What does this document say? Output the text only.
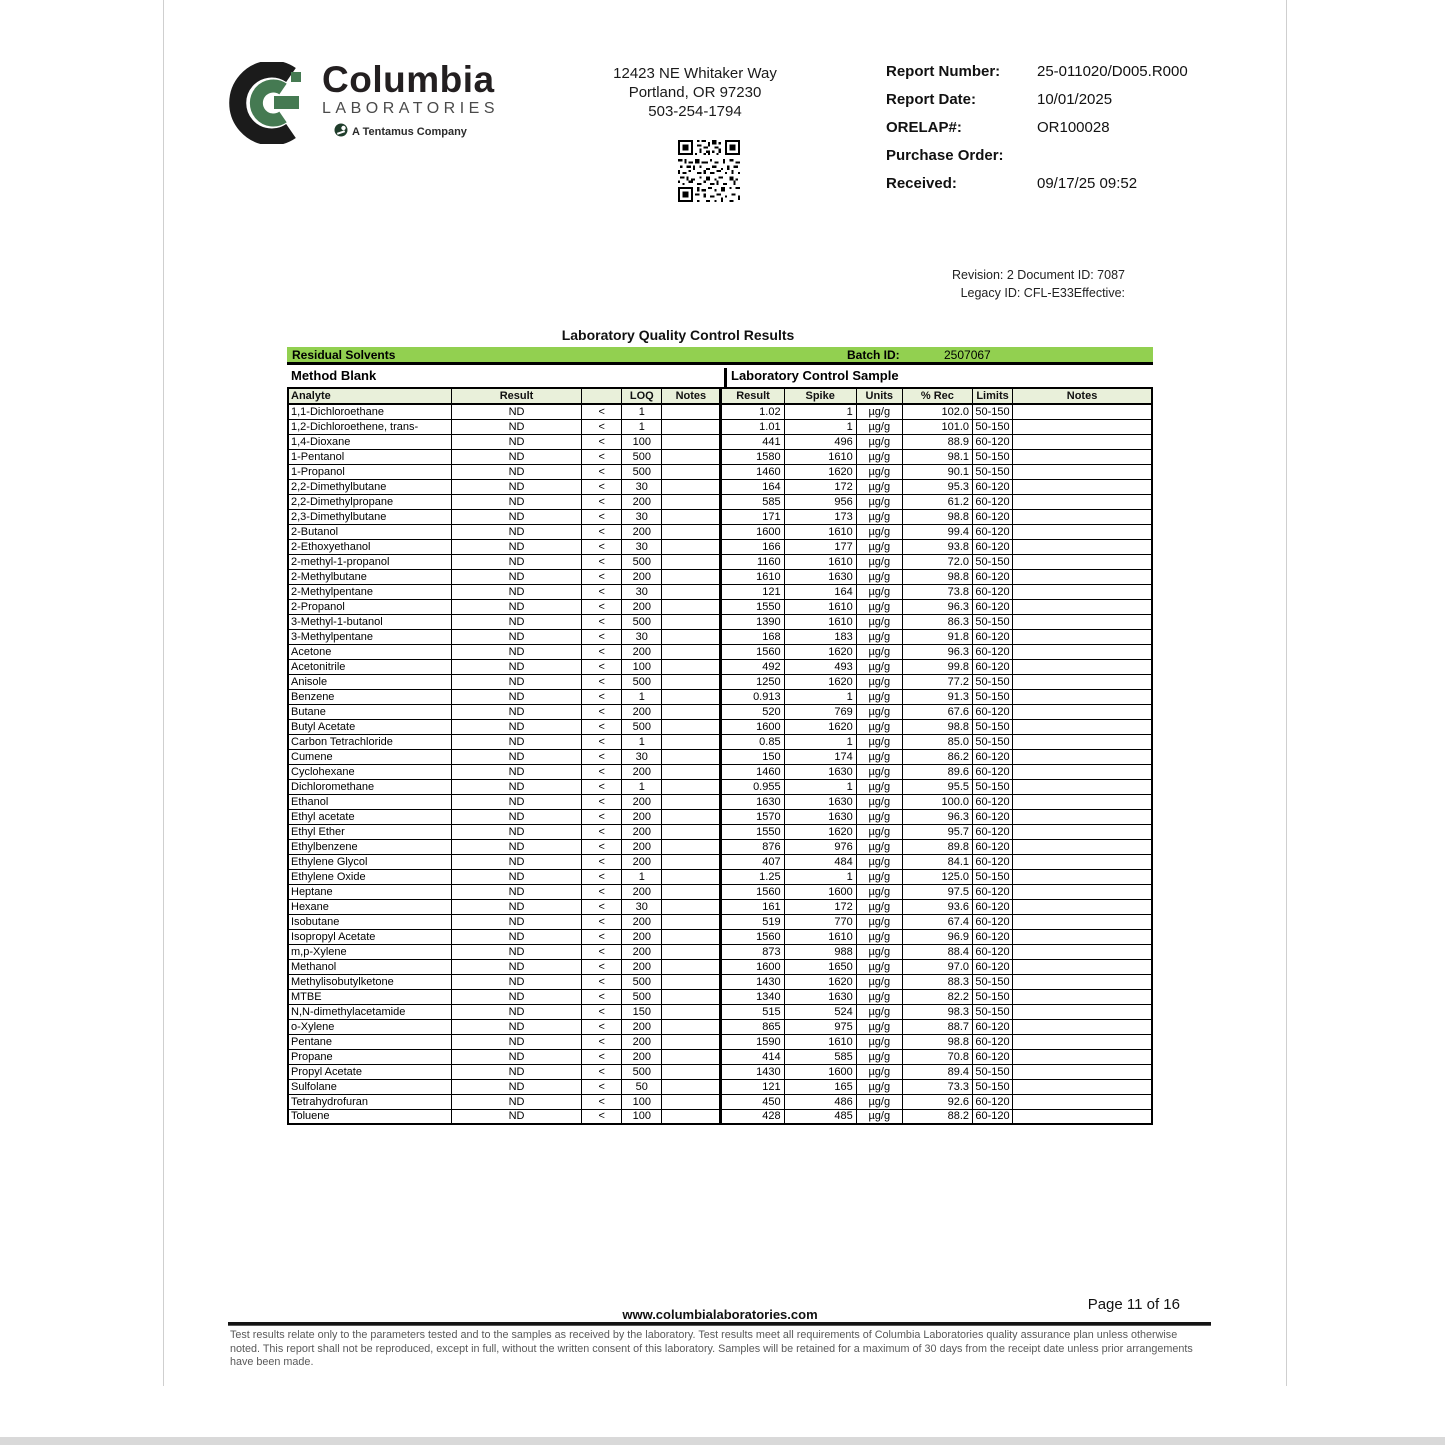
Columbia
LABORATORIES
A Tentamus Company
12423 NE Whitaker Way
Portland, OR 97230
503-254-1794
Report Number: 25-011020/D005.R000
Report Date:	10/01/2025
ORELAP#:	OR100028
Purchase Order:
Received:	09/17/25 09:52
Revision: 2 Document ID: 7087
Legacy ID: CFL-E33Effective:
Laboratory Quality Control Results
Residual Solvents	Batch ID:	2507067
Method Blank	Laboratory Control Sample
Analyte	Result		LOQ	Notes	Result	Spike	Units	% Rec	Limits	Notes
1,1-Dichloroethane	ND	<	1		1.02	1	µg/g	102.0	50-150	
1,2-Dichloroethene, trans-	ND	<	1		1.01	1	µg/g	101.0	50-150	
1,4-Dioxane	ND	<	100		441	496	µg/g	88.9	60-120	
1-Pentanol	ND	<	500		1580	1610	µg/g	98.1	50-150	
1-Propanol	ND	<	500		1460	1620	µg/g	90.1	50-150	
2,2-Dimethylbutane	ND	<	30		164	172	µg/g	95.3	60-120	
2,2-Dimethylpropane	ND	<	200		585	956	µg/g	61.2	60-120	
2,3-Dimethylbutane	ND	<	30		171	173	µg/g	98.8	60-120	
2-Butanol	ND	<	200		1600	1610	µg/g	99.4	60-120	
2-Ethoxyethanol	ND	<	30		166	177	µg/g	93.8	60-120	
2-methyl-1-propanol	ND	<	500		1160	1610	µg/g	72.0	50-150	
2-Methylbutane	ND	<	200		1610	1630	µg/g	98.8	60-120	
2-Methylpentane	ND	<	30		121	164	µg/g	73.8	60-120	
2-Propanol	ND	<	200		1550	1610	µg/g	96.3	60-120	
3-Methyl-1-butanol	ND	<	500		1390	1610	µg/g	86.3	50-150	
3-Methylpentane	ND	<	30		168	183	µg/g	91.8	60-120	
Acetone	ND	<	200		1560	1620	µg/g	96.3	60-120	
Acetonitrile	ND	<	100		492	493	µg/g	99.8	60-120	
Anisole	ND	<	500		1250	1620	µg/g	77.2	50-150	
Benzene	ND	<	1		0.913	1	µg/g	91.3	50-150	
Butane	ND	<	200		520	769	µg/g	67.6	60-120	
Butyl Acetate	ND	<	500		1600	1620	µg/g	98.8	50-150	
Carbon Tetrachloride	ND	<	1		0.85	1	µg/g	85.0	50-150	
Cumene	ND	<	30		150	174	µg/g	86.2	60-120	
Cyclohexane	ND	<	200		1460	1630	µg/g	89.6	60-120	
Dichloromethane	ND	<	1		0.955	1	µg/g	95.5	50-150	
Ethanol	ND	<	200		1630	1630	µg/g	100.0	60-120	
Ethyl acetate	ND	<	200		1570	1630	µg/g	96.3	60-120	
Ethyl Ether	ND	<	200		1550	1620	µg/g	95.7	60-120	
Ethylbenzene	ND	<	200		876	976	µg/g	89.8	60-120	
Ethylene Glycol	ND	<	200		407	484	µg/g	84.1	60-120	
Ethylene Oxide	ND	<	1		1.25	1	µg/g	125.0	50-150	
Heptane	ND	<	200		1560	1600	µg/g	97.5	60-120	
Hexane	ND	<	30		161	172	µg/g	93.6	60-120	
Isobutane	ND	<	200		519	770	µg/g	67.4	60-120	
Isopropyl Acetate	ND	<	200		1560	1610	µg/g	96.9	60-120	
m,p-Xylene	ND	<	200		873	988	µg/g	88.4	60-120	
Methanol	ND	<	200		1600	1650	µg/g	97.0	60-120	
Methylisobutylketone	ND	<	500		1430	1620	µg/g	88.3	50-150	
MTBE	ND	<	500		1340	1630	µg/g	82.2	50-150	
N,N-dimethylacetamide	ND	<	150		515	524	µg/g	98.3	50-150	
o-Xylene	ND	<	200		865	975	µg/g	88.7	60-120	
Pentane	ND	<	200		1590	1610	µg/g	98.8	60-120	
Propane	ND	<	200		414	585	µg/g	70.8	60-120	
Propyl Acetate	ND	<	500		1430	1600	µg/g	89.4	50-150	
Sulfolane	ND	<	50		121	165	µg/g	73.3	50-150	
Tetrahydrofuran	ND	<	100		450	486	µg/g	92.6	60-120	
Toluene	ND	<	100		428	485	µg/g	88.2	60-120	
Page 11 of 16
www.columbialaboratories.com
Test results relate only to the parameters tested and to the samples as received by the laboratory. Test results meet all requirements of Columbia Laboratories quality assurance plan unless otherwise noted. This report shall not be reproduced, except in full, without the written consent of this laboratory. Samples will be retained for a maximum of 30 days from the receipt date unless prior arrangements have been made.
